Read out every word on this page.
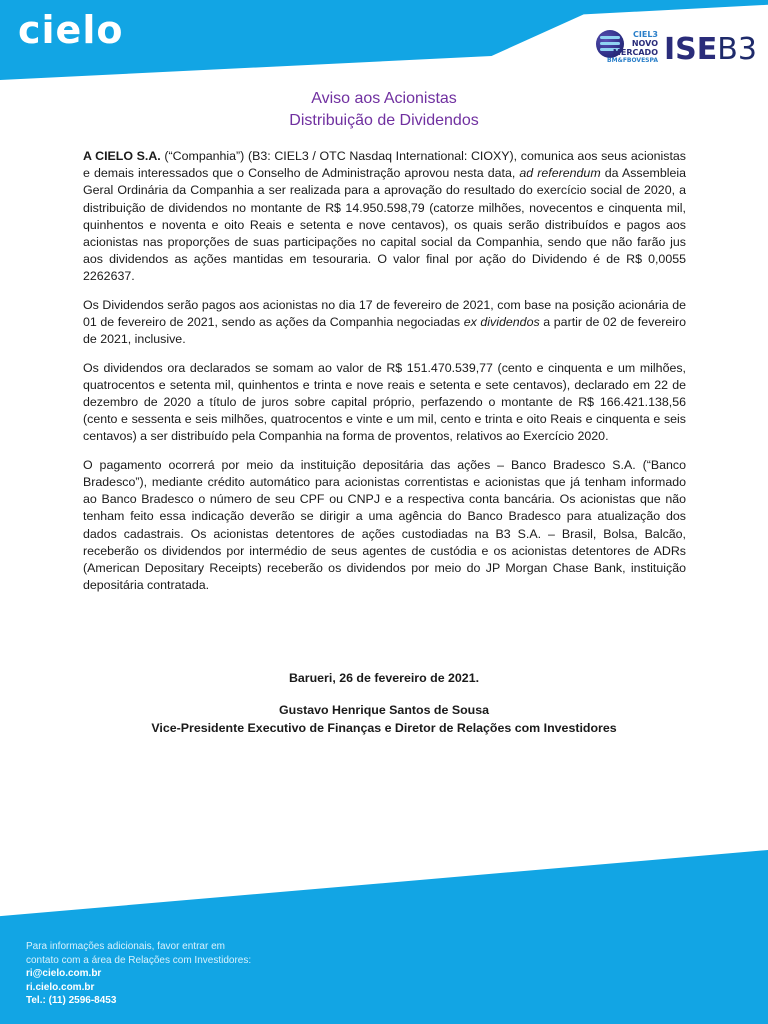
cielo	CIEL3
NOVO
MERCADO
BM&FBOVESPA ISEB3
Aviso aos Acionistas
Distribuição de Dividendos

A CIELO S.A. (“Companhia”) (B3: CIEL3 / OTC Nasdaq International: CIOXY), comunica aos seus acionistas e demais interessados que o Conselho de Administração aprovou nesta data, ad referendum da Assembleia Geral Ordinária da Companhia a ser realizada para a aprovação do resultado do exercício social de 2020, a distribuição de dividendos no montante de R$ 14.950.598,79 (catorze milhões, novecentos e cinquenta mil, quinhentos e noventa e oito Reais e setenta e nove centavos), os quais serão distribuídos e pagos aos acionistas nas proporções de suas participações no capital social da Companhia, sendo que não farão jus aos dividendos as ações mantidas em tesouraria. O valor final por ação do Dividendo é de R$ 0,0055 2262637.

Os Dividendos serão pagos aos acionistas no dia 17 de fevereiro de 2021, com base na posição acionária de 01 de fevereiro de 2021, sendo as ações da Companhia negociadas ex dividendos a partir de 02 de fevereiro de 2021, inclusive.

Os dividendos ora declarados se somam ao valor de R$ 151.470.539,77 (cento e cinquenta e um milhões, quatrocentos e setenta mil, quinhentos e trinta e nove reais e setenta e sete centavos), declarado em 22 de dezembro de 2020 a título de juros sobre capital próprio, perfazendo o montante de R$ 166.421.138,56 (cento e sessenta e seis milhões, quatrocentos e vinte e um mil, cento e trinta e oito Reais e cinquenta e seis centavos) a ser distribuído pela Companhia na forma de proventos, relativos ao Exercício 2020.

O pagamento ocorrerá por meio da instituição depositária das ações – Banco Bradesco S.A. (“Banco Bradesco”), mediante crédito automático para acionistas correntistas e acionistas que já tenham informado ao Banco Bradesco o número de seu CPF ou CNPJ e a respectiva conta bancária. Os acionistas que não tenham feito essa indicação deverão se dirigir a uma agência do Banco Bradesco para atualização dos dados cadastrais. Os acionistas detentores de ações custodiadas na B3 S.A. – Brasil, Bolsa, Balcão, receberão os dividendos por intermédio de seus agentes de custódia e os acionistas detentores de ADRs (American Depositary Receipts) receberão os dividendos por meio do JP Morgan Chase Bank, instituição depositária contratada.

Barueri, 26 de fevereiro de 2021.
Gustavo Henrique Santos de Sousa
Vice-Presidente Executivo de Finanças e Diretor de Relações com Investidores
Para informações adicionais, favor entrar em
contato com a área de Relações com Investidores:
ri@cielo.com.br
ri.cielo.com.br
Tel.: (11) 2596-8453
